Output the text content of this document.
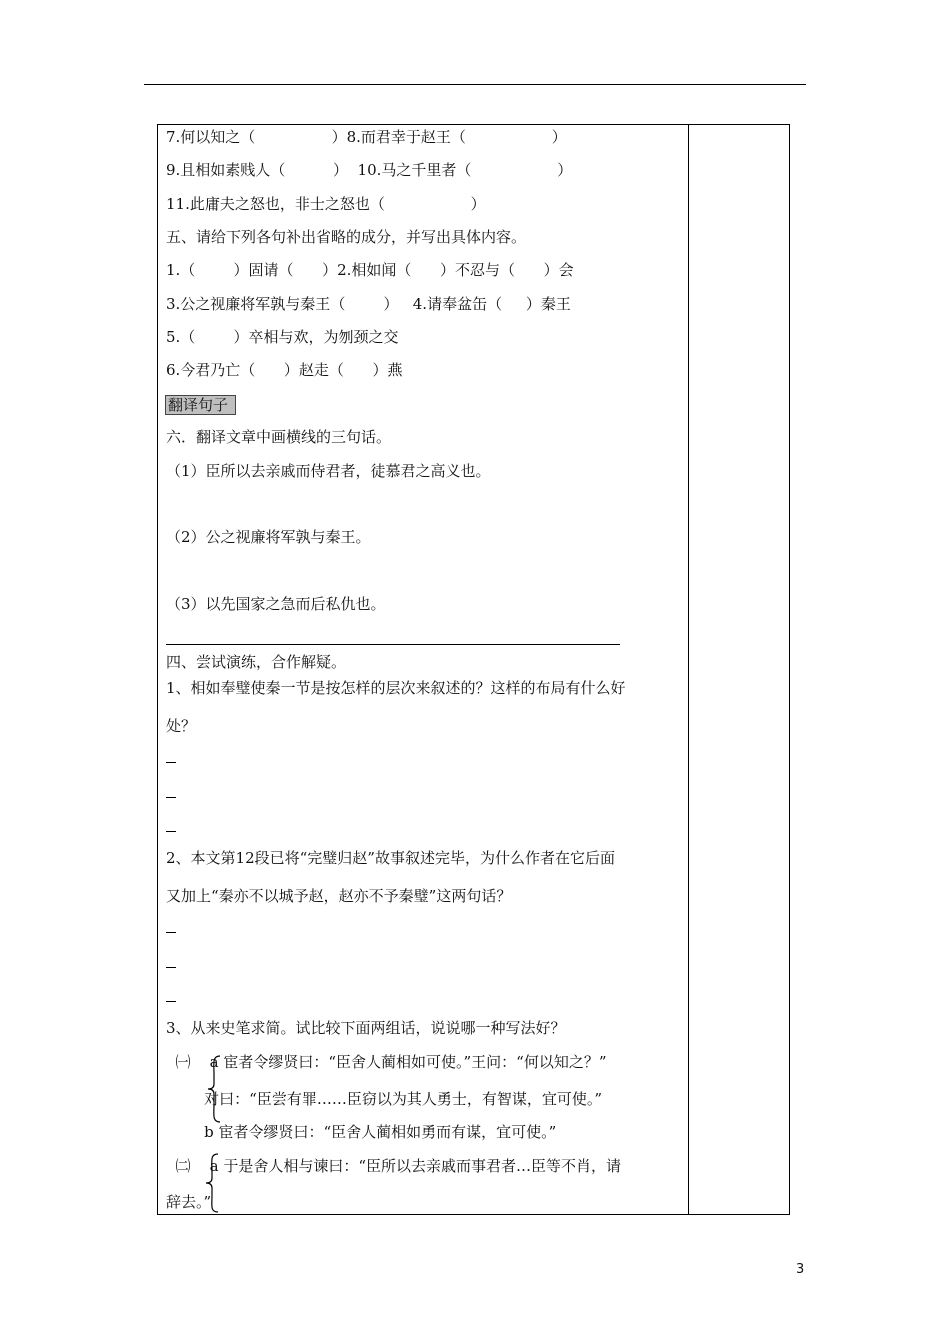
7.何以知之（                ）8.而君幸于赵王（                  ）
9.且相如素贱人（          ）  10.马之千里者（                  ）
11.此庸夫之怒也，非士之怒也（                  ）
五、请给下列各句补出省略的成分，并写出具体内容。
1.（        ）固请（      ）2.相如闻（      ）不忍与（      ）会
3.公之视廉将军孰与秦王（        ）   4.请奉盆缶（     ）秦王
5.（        ）卒相与欢，为刎颈之交
6.今君乃亡（      ）赵走（      ）燕
翻译句子
六．翻译文章中画横线的三句话。
（1）臣所以去亲戚而侍君者，徒慕君之高义也。
（2）公之视廉将军孰与秦王。
（3）以先国家之急而后私仇也。
四、尝试演练，合作解疑。
1、相如奉璧使秦一节是按怎样的层次来叙述的？这样的布局有什么好
处？
2、本文第12段已将“完璧归赵”故事叙述完毕，为什么作者在它后面
又加上“秦亦不以城予赵，赵亦不予秦璧”这两句话？
3、从来史笔求简。试比较下面两组话，说说哪一种写法好？
㈠    a 宦者令缪贤曰：“臣舍人蔺相如可使。”王问：“何以知之？”
对曰：“臣尝有罪……臣窃以为其人勇士，有智谋，宜可使。”
b 宦者令缪贤曰：“臣舍人蔺相如勇而有谋，宜可使。”
㈡    a 于是舍人相与谏曰：“臣所以去亲戚而事君者…臣等不肖，请
辞去。”
3
